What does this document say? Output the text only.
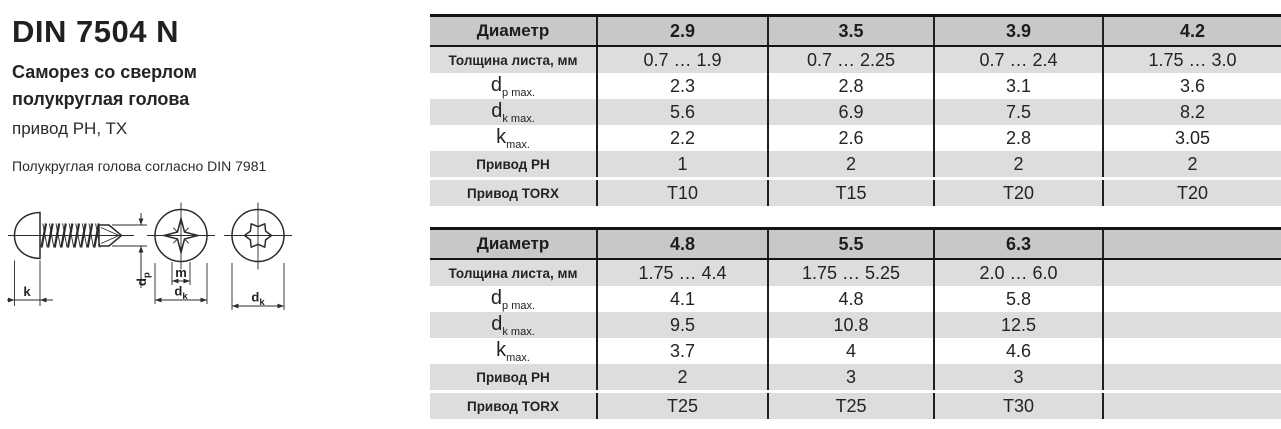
DIN 7504 N
Саморез со сверлом
полукруглая голова
привод PH, TX
Полукруглая голова согласно DIN 7981
k
$d_p$ m
$d_k$	$d_k$
Диаметр	2.9	3.5	3.9	4.2
Толщина листа, мм	0.7 … 1.9	0.7 … 2.25	0.7 … 2.4	1.75 … 3.0
$d_{p max.}$	2.3	2.8	3.1	3.6
$d_{k max.}$	5.6	6.9	7.5	8.2
$k_{max.}$	2.2	2.6	2.8	3.05
Привод PH	1	2	2	2
Привод TORX	T10	T15	T20	T20
Диаметр	4.8	5.5	6.3	
Толщина листа, мм	1.75 … 4.4	1.75 … 5.25	2.0 … 6.0	
$d_{p max.}$	4.1	4.8	5.8	
$d_{k max.}$	9.5	10.8	12.5	
$k_{max.}$	3.7	4	4.6	
Привод PH	2	3	3	
Привод TORX	T25	T25	T30	
